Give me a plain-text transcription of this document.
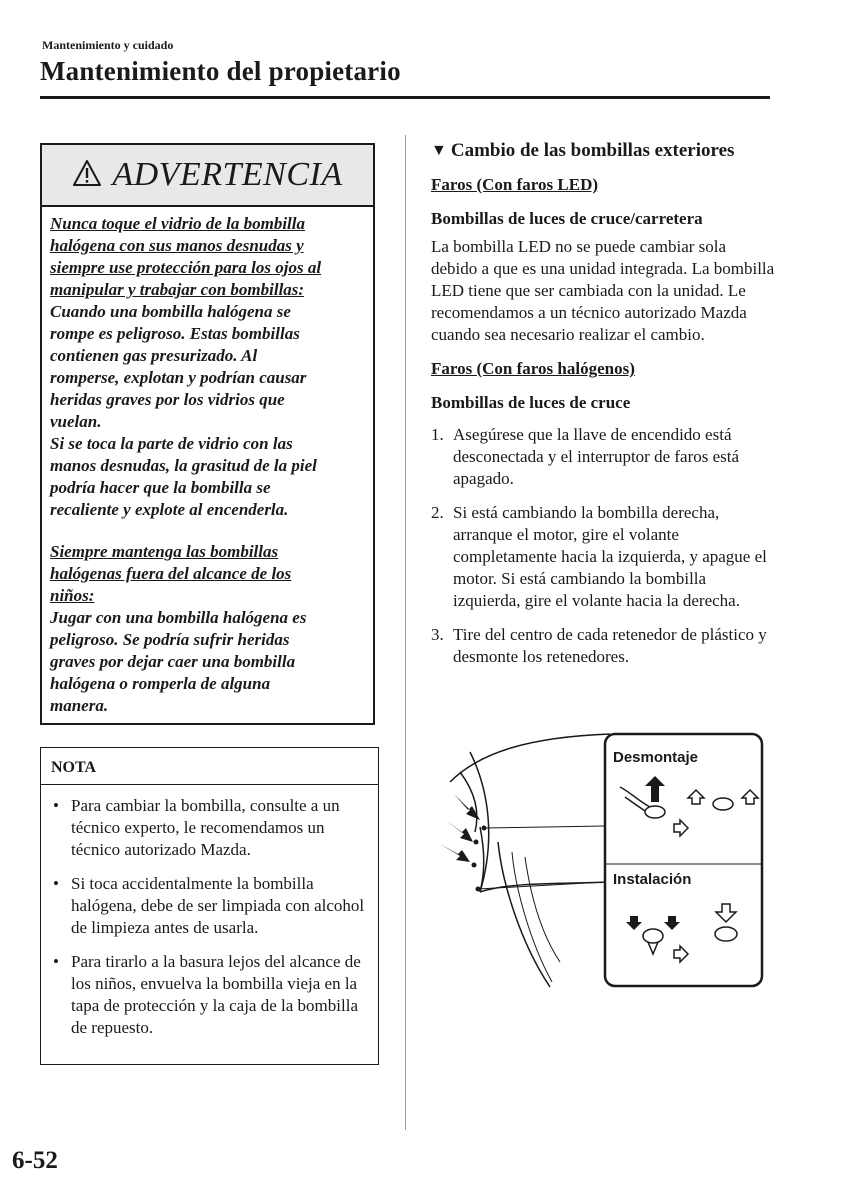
Mantenimiento y cuidado
Mantenimiento del propietario
ADVERTENCIA

Nunca toque el vidrio de la bombilla

halógena con sus manos desnudas y

siempre use protección para los ojos al

manipular y trabajar con bombillas:

Cuando una bombilla halógena se

rompe es peligroso. Estas bombillas

contienen gas presurizado. Al

romperse, explotan y podrían causar

heridas graves por los vidrios que

vuelan.

Si se toca la parte de vidrio con las

manos desnudas, la grasitud de la piel

podría hacer que la bombilla se

recaliente y explote al encenderla.

Siempre mantenga las bombillas

halógenas fuera del alcance de los

niños:

Jugar con una bombilla halógena es

peligroso. Se podría sufrir heridas

graves por dejar caer una bombilla

halógena o romperla de alguna

manera.

NOTA
• Para cambiar la bombilla, consulte a un técnico experto, le recomendamos un técnico autorizado Mazda.
• Si toca accidentalmente la bombilla halógena, debe de ser limpiada con alcohol de limpieza antes de usarla.
• Para tirarlo a la basura lejos del alcance de los niños, envuelva la bombilla vieja en la tapa de protección y la caja de la bombilla de repuesto.
▼ Cambio de las bombillas exteriores

Faros (Con faros LED)

Bombillas de luces de cruce/carretera

La bombilla LED no se puede cambiar sola debido a que es una unidad integrada. La bombilla LED tiene que ser cambiada con la unidad. Le recomendamos a un técnico autorizado Mazda cuando sea necesario realizar el cambio.

Faros (Con faros halógenos)

Bombillas de luces de cruce

1. Asegúrese que la llave de encendido está desconectada y el interruptor de faros está apagado.
2. Si está cambiando la bombilla derecha, arranque el motor, gire el volante completamente hacia la izquierda, y apague el motor. Si está cambiando la bombilla izquierda, gire el volante hacia la derecha.
3. Tire del centro de cada retenedor de plástico y desmonte los retenedores.
Desmontaje
Instalación
6-52
